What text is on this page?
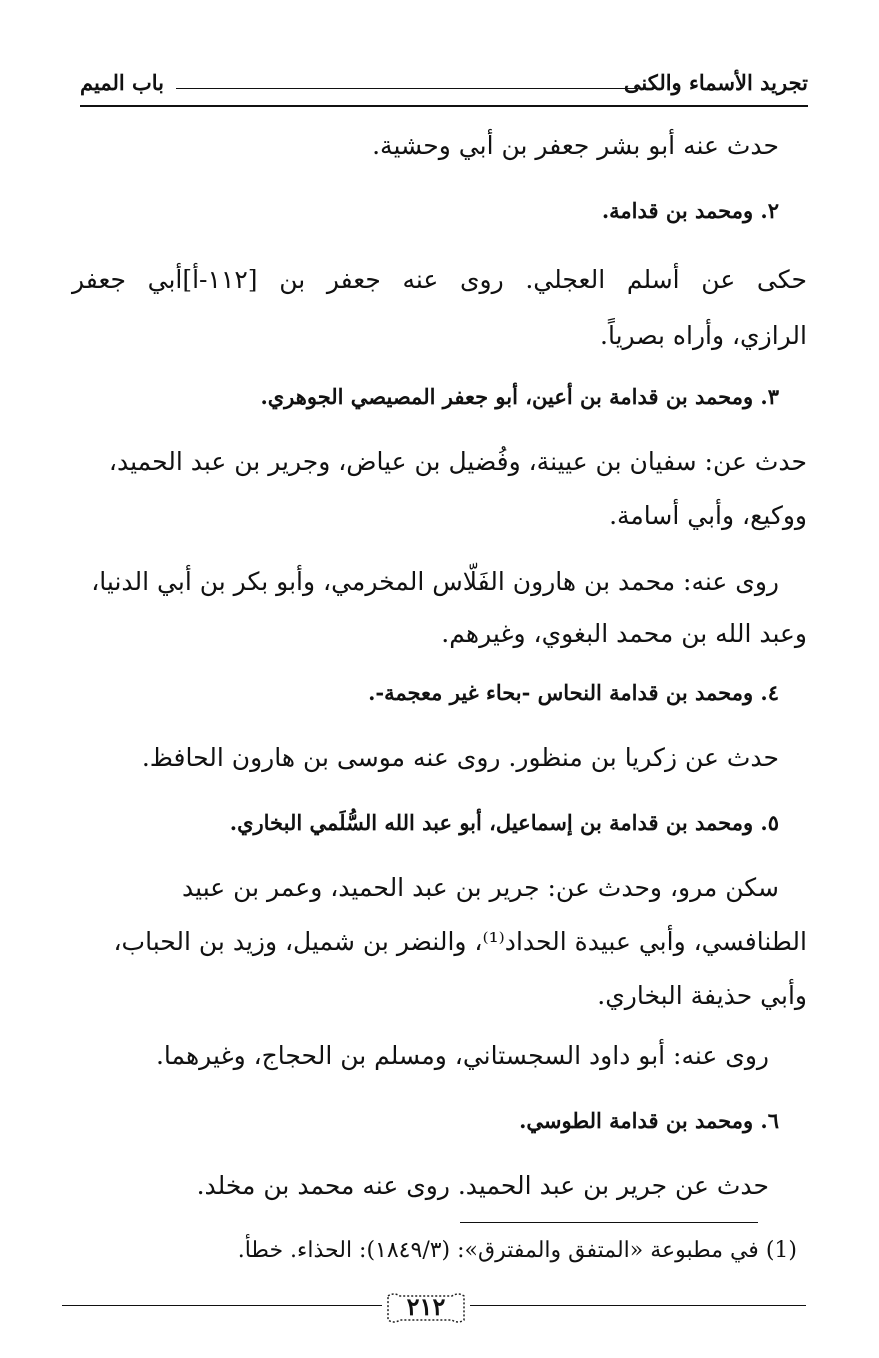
تجريد الأسماء والكنى
باب الميم
حدث عنه أبو بشر جعفر بن أبي وحشية.
٢. ومحمد بن قدامة.
حكى عن أسلم العجلي. روى عنه جعفر بن [١١٢-أ]أبي جعفر
الرازي، وأراه بصرياً.
٣. ومحمد بن قدامة بن أعين، أبو جعفر المصيصي الجوهري.
حدث عن: سفيان بن عيينة، وفُضيل بن عياض، وجرير بن عبد الحميد،
ووكيع، وأبي أسامة.
روى عنه: محمد بن هارون الفَلّاس المخرمي، وأبو بكر بن أبي الدنيا،
وعبد الله بن محمد البغوي، وغيرهم.
٤. ومحمد بن قدامة النحاس -بحاء غير معجمة-.
حدث عن زكريا بن منظور. روى عنه موسى بن هارون الحافظ.
٥. ومحمد بن قدامة بن إسماعيل، أبو عبد الله السُّلَمي البخاري.
سكن مرو، وحدث عن: جرير بن عبد الحميد، وعمر بن عبيد
الطنافسي، وأبي عبيدة الحداد⁽¹⁾، والنضر بن شميل، وزيد بن الحباب،
وأبي حذيفة البخاري.
روى عنه: أبو داود السجستاني، ومسلم بن الحجاج، وغيرهما.
٦. ومحمد بن قدامة الطوسي.
حدث عن جرير بن عبد الحميد. روى عنه محمد بن مخلد.
(1) في مطبوعة «المتفق والمفترق»: (١٨٤٩/٣): الحذاء. خطأ.
٢١٢
